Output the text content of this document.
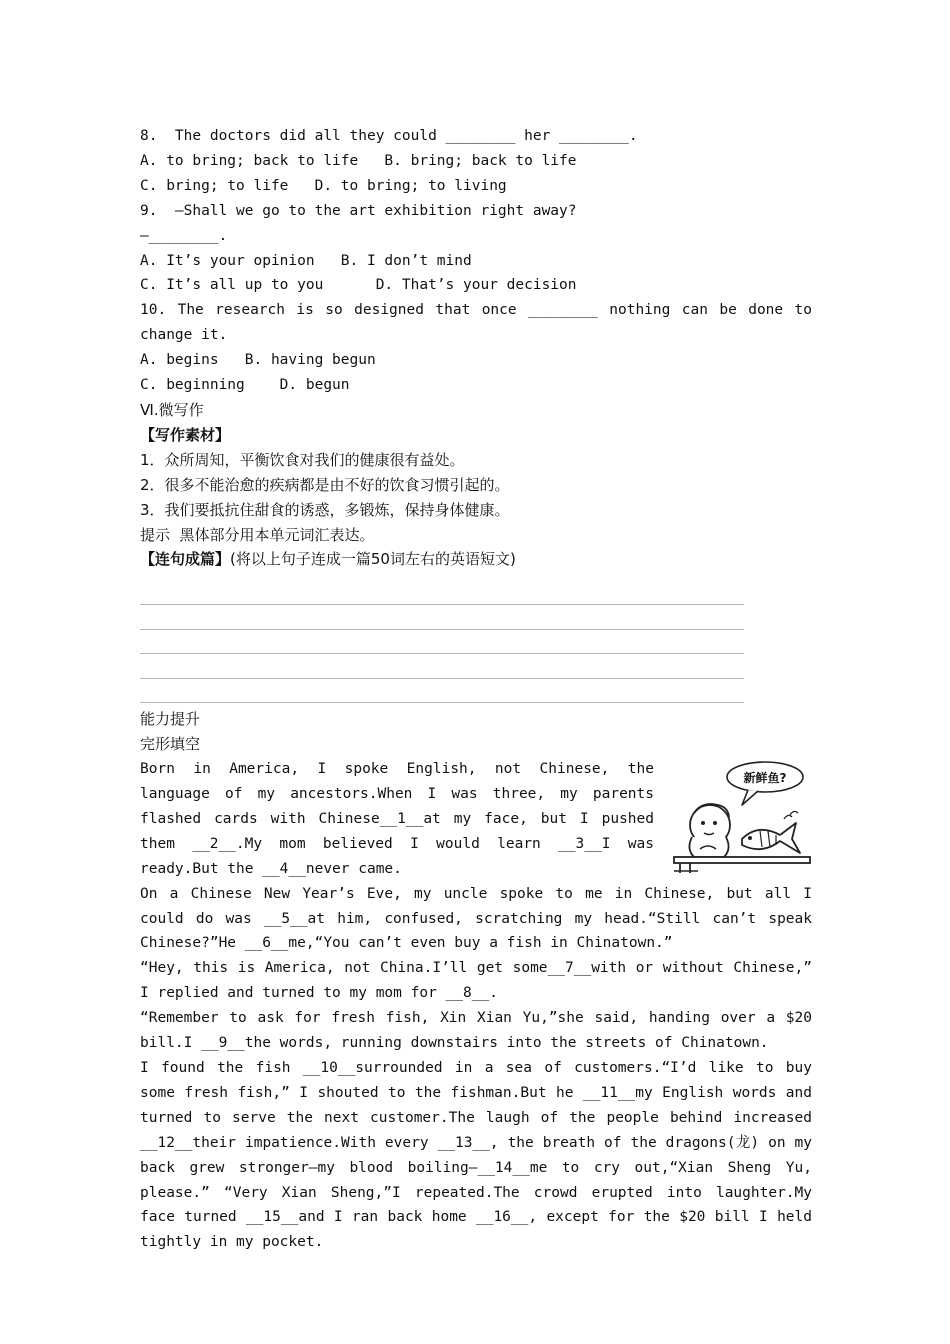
8.  The doctors did all they could ________ her ________.
A. to bring; back to life   B. bring; back to life
C. bring; to life   D. to bring; to living
9.  —Shall we go to the art exhibition right away?
—________.
A. It’s your opinion   B. I don’t mind
C. It’s all up to you      D. That’s your decision
10. The research is so designed that once ________ nothing can be done to change it.
A. begins   B. having begun
C. beginning    D. begun
Ⅵ.微写作
【写作素材】
1．众所周知，平衡饮食对我们的健康很有益处。
2．很多不能治愈的疾病都是由不好的饮食习惯引起的。
3．我们要抵抗住甜食的诱惑，多锻炼，保持身体健康。
提示  黑体部分用本单元词汇表达。
【连句成篇】(将以上句子连成一篇50词左右的英语短文)
能力提升
完形填空
Born in America, I spoke English, not Chinese, the language of my ancestors.When I was three, my parents flashed cards with Chinese__1__at my face, but I pushed them __2__.My mom believed I would learn __3__I was ready.But the __4__never came.
新鲜鱼?
On a Chinese New Year’s Eve, my uncle spoke to me in Chinese, but all I could do was __5__at him, confused, scratching my head.“Still can’t speak Chinese?”He __6__me,“You can’t even buy a fish in Chinatown.”
“Hey, this is America, not China.I’ll get some__7__with or without Chinese,” I replied and turned to my mom for __8__.
“Remember to ask for fresh fish, Xin Xian Yu,”she said, handing over a $20 bill.I __9__the words, running downstairs into the streets of Chinatown.
I found the fish __10__surrounded in a sea of customers.“I’d like to buy some fresh fish,” I shouted to the fishman.But he __11__my English words and turned to serve the next customer.The laugh of the people behind increased __12__their impatience.With every __13__, the breath of the dragons(龙) on my back grew stronger—my blood boiling—__14__me to cry out,“Xian Sheng Yu, please.” “Very Xian Sheng,”I repeated.The crowd erupted into laughter.My face turned __15__and I ran back home __16__, except for the $20 bill I held tightly in my pocket.
